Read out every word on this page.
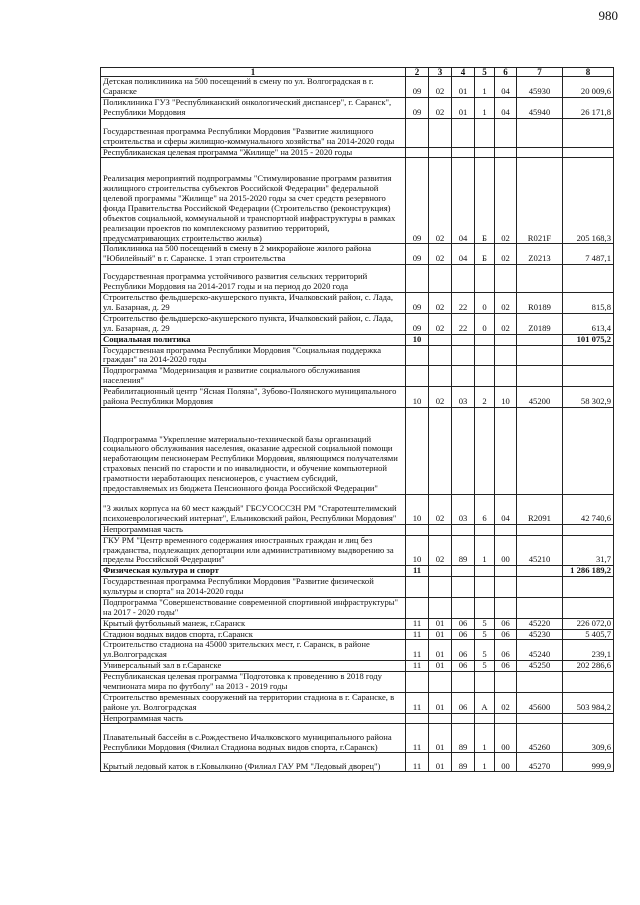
980
1	2	3	4	5	6	7	8
Детская поликлиника на 500 посещений в смену по ул. Волгоградская в г. Саранске	09	02	01	1	04	45930	20 009,6
Поликлиника ГУЗ "Республиканский онкологический диспансер", г. Саранск", Республики Мордовия	09	02	01	1	04	45940	26 171,8
Государственная программа Республики Мордовия "Развитие жилищного строительства и сферы жилищно-коммунального хозяйства" на 2014-2020 годы							
Республиканская целевая программа "Жилище" на 2015 - 2020 годы							
Реализация мероприятий подпрограммы "Стимулирование программ развития жилищного строительства субъектов Российской Федерации" федеральной целевой программы "Жилище" на 2015-2020 годы за счет средств резервного фонда Правительства Российской Федерации (Строительство (реконструкция) объектов социальной, коммунальной и транспортной инфраструктуры в рамках реализации проектов по комплексному развитию территорий, предусматривающих строительство жилья)	09	02	04	Б	02	R021F	205 168,3
Поликлиника на 500 посещений в смену в 2 микрорайоне жилого района "Юбилейный" в г. Саранске. 1 этап строительства	09	02	04	Б	02	Z0213	7 487,1
Государственная программа устойчивого развития сельских территорий Республики Мордовия на 2014-2017 годы и на период до 2020 года							
Строительство фельдшерско-акушерского пункта, Ичалковский район, с. Лада, ул. Базарная, д. 29	09	02	22	0	02	R0189	815,8
Строительство фельдшерско-акушерского пункта, Ичалковский район, с. Лада, ул. Базарная, д. 29	09	02	22	0	02	Z0189	613,4
Социальная политика	10						101 075,2
Государственная программа Республики Мордовия "Социальная поддержка граждан" на 2014-2020 годы							
Подпрограмма "Модернизация и развитие социального обслуживания населения"							
Реабилитационный центр "Ясная Поляна", Зубово-Полянского муниципального района Республики Мордовия	10	02	03	2	10	45200	58 302,9
Подпрограмма "Укрепление материально-технической базы организаций социального обслуживания населения, оказание адресной социальной помощи неработающим пенсионерам Республики Мордовия, являющимся получателями страховых пенсий по старости и по инвалидности, и обучение компьютерной грамотности неработающих пенсионеров, с участием субсидий, предоставляемых из бюджета Пенсионного фонда Российской Федерации"							
"3 жилых корпуса на 60 мест каждый" ГБСУСОССЗН РМ "Старотештелимский психоневрологический интернат", Ельниковский район, Республики Мордовия"	10	02	03	6	04	R2091	42 740,6
Непрограммная часть							
ГКУ РМ "Центр временного содержания иностранных граждан и лиц без гражданства, подлежащих депортации или административному выдворению за пределы Российской Федерации"	10	02	89	1	00	45210	31,7
Физическая культура и спорт	11						1 286 189,2
Государственная программа Республики Мордовия "Развитие физической культуры и спорта" на 2014-2020 годы							
Подпрограмма "Совершенствование современной спортивной инфраструктуры" на 2017 - 2020 годы"							
Крытый футбольный манеж, г.Саранск	11	01	06	5	06	45220	226 072,0
Стадион водных видов спорта, г.Саранск	11	01	06	5	06	45230	5 405,7
Строительство стадиона на 45000 зрительских мест, г. Саранск, в районе ул.Волгоградская	11	01	06	5	06	45240	239,1
Универсальный зал в г.Саранске	11	01	06	5	06	45250	202 286,6
Республиканская целевая программа "Подготовка к проведению в 2018 году чемпионата мира по футболу" на 2013 - 2019 годы							
Строительство временных сооружений на территории стадиона в г. Саранске, в районе ул. Волгоградская	11	01	06	А	02	45600	503 984,2
Непрограммная часть							
Плавательный бассейн в с.Рождествено Ичалковского муниципального района Республики Мордовия (Филиал Стадиона водных видов спорта, г.Саранск)	11	01	89	1	00	45260	309,6
Крытый ледовый каток в г.Ковылкино (Филиал ГАУ РМ "Ледовый дворец")	11	01	89	1	00	45270	999,9
